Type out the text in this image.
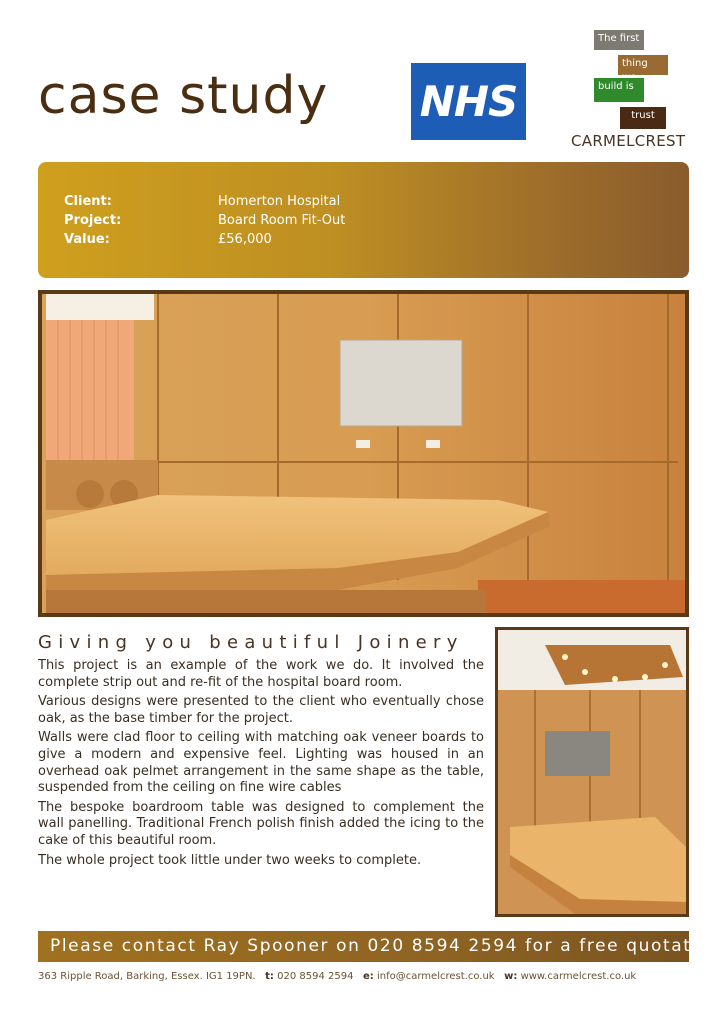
case study NHS
The first
thing
build is
trust
CARMELCREST
Client:	Homerton Hospital
Project:	Board Room Fit-Out
Value:	£56,000
Giving you beautiful Joinery

This project is an example of the work we do. It involved the complete strip out and re-fit of the hospital board room.

Various designs were presented to the client who eventually chose oak, as the base timber for the project.

Walls were clad floor to ceiling with matching oak veneer boards to give a modern and expensive feel. Lighting was housed in an overhead oak pelmet arrangement in the same shape as the table, suspended from the ceiling on fine wire cables

The bespoke boardroom table was designed to complement the wall panelling. Traditional French polish finish added the icing to the cake of this beautiful room.

The whole project took little under two weeks to complete.

Please contact Ray Spooner on 020 8594 2594 for a free quotation
363 Ripple Road, Barking, Essex. IG1 19PN. t: 020 8594 2594 e: info@carmelcrest.co.uk w: www.carmelcrest.co.uk
